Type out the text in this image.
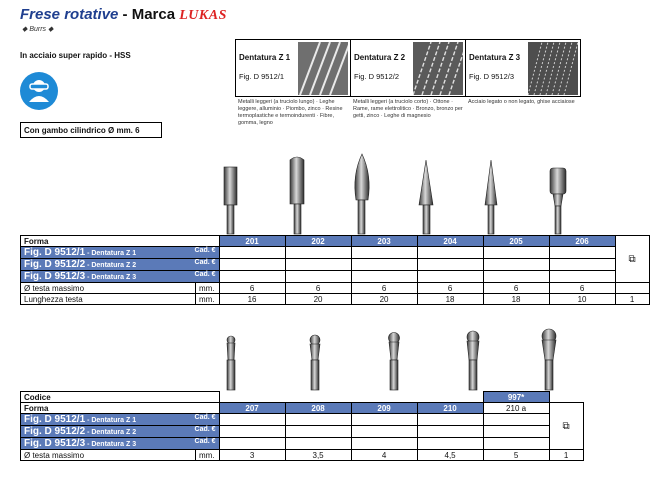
Frese rotative - Marca LUKAS
◆ Burrs ◆
In acciaio super rapido - HSS
Con gambo cilindrico Ø mm. 6
Dentatura Z 1
Fig. D 9512/1
Metalli leggeri (a truciolo lungo) · Leghe leggere, alluminio · Piombo, zinco · Resine termoplastiche e termoindurenti · Fibre, gomma, legno
Dentatura Z 2
Fig. D 9512/2
Metalli leggeri (a truciolo corto) · Ottone · Rame, rame elettrolitico · Bronzo, bronzo per getti, zinco · Leghe di magnesio
Dentatura Z 3
Fig. D 9512/3
Acciaio legato o non legato, ghise acciaiose
Forma		201	202	203	204	205	206	⧉
Fig. D 9512/1 - Dentatura Z 1 Cad. €								

Fig. D 9512/2 - Dentatura Z 2 Cad. €								

Fig. D 9512/3 - Dentatura Z 3 Cad. €								

Ø testa massimo	mm.	6	6	6	6	6	6	
Lunghezza testa	mm.	16	20	20	18	18	10	1
Codice						997*	
Forma		207	208	209	210	210 a	⧉
Fig. D 9512/1 - Dentatura Z 1 Cad. €							

Fig. D 9512/2 - Dentatura Z 2 Cad. €							

Fig. D 9512/3 - Dentatura Z 3 Cad. €							

Ø testa massimo	mm.	3	3,5	4	4,5	5	1
